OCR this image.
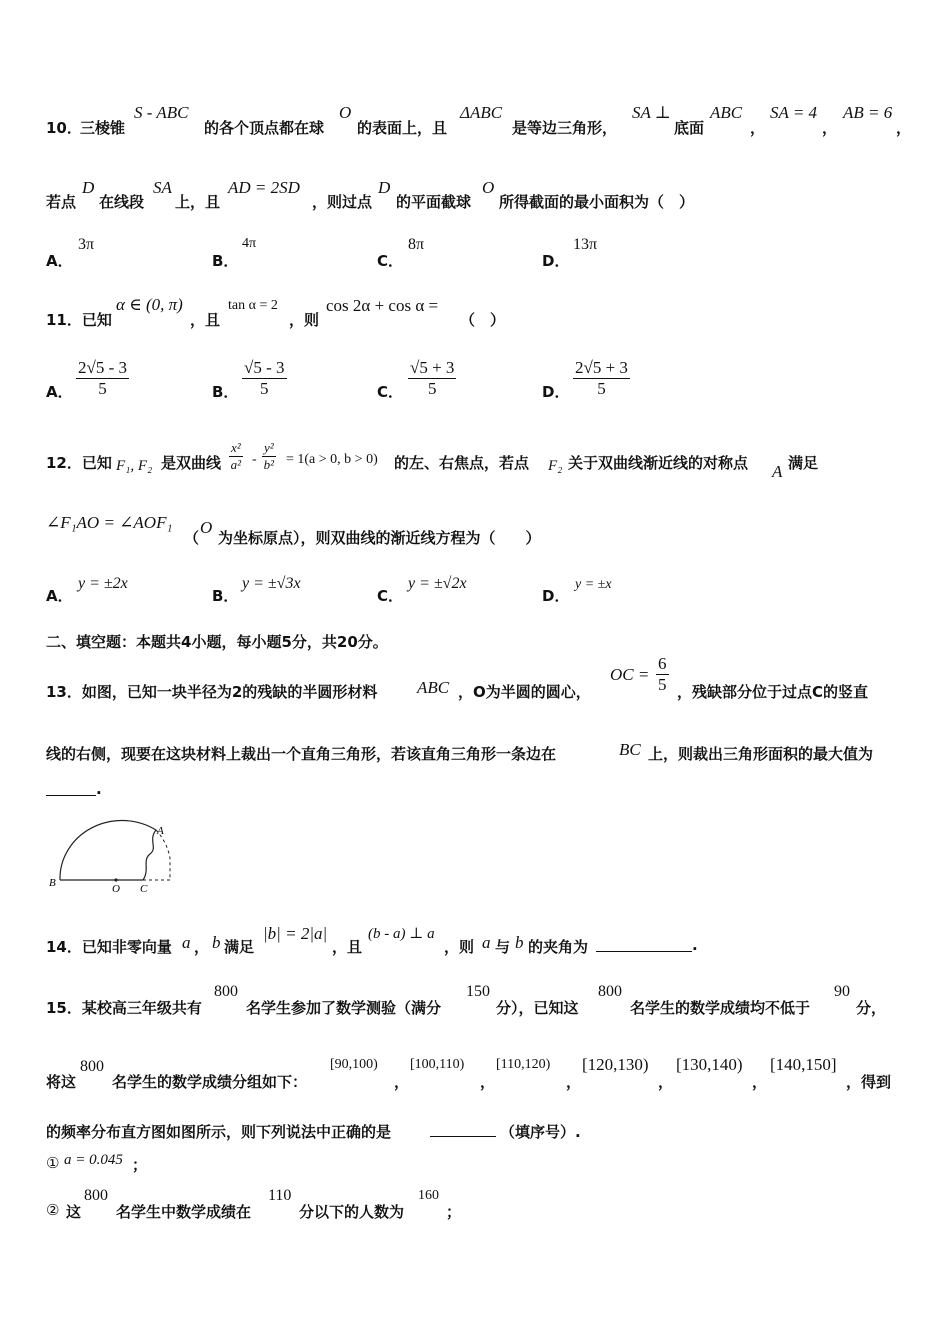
10．
三棱锥
S - ABC
的各个顶点都在球
O
的表面上，且
ΔABC
是等边三角形，
SA ⊥
底面
ABC
，
SA = 4
，
AB = 6
，
若点
D
在线段
SA
上，且
AD = 2SD
，则过点
D
的平面截球
O
所得截面的最小面积为（　）
A．
3π
B．
4π
C．
8π
D．
13π
11．已知
α ∈ (0, π)
，且
tan α = 2
，则
cos 2α + cos α =
（　）
A． $\frac{2√5 - 3}{5}$	B． $\frac{√5 - 3}{5}$	C． $\frac{√5 + 3}{5}$	D． $\frac{2√5 + 3}{5}$
12．已知 F₁, F₂ 是双曲线 $\frac{\text{x²}}{\text{a²}} - \frac{\text{y²}}{\text{b²}} = 1(a > 0$, b > 0) 的左、右焦点，若点 F₂ 关于双曲线渐近线的对称点 A 满足
∠F₁AO = ∠AOF₁
（
O
为坐标原点），则双曲线的渐近线方程为（　　）
A．
y = ±2x
B．
y = ±√3x
C．
y = ±√2x
D．
y = ±x
二、填空题：本题共4小题，每小题5分，共20分。
13．如图，已知一块半径为2的残缺的半圆形材料 ABC ，O为半圆的圆心，
OC = $\frac{6}{5}$ ，残缺部分位于过点C的竖直
线的右侧，现要在这块材料上裁出一个直角三角形，若该直角三角形一条边在	BC 上，则裁出三角形面积的最大值为
.
B	O C
A
14．已知非零向量 a ， b 满足
|b| = 2|a|
，且
(b - a) ⊥ a
，则 a 与 b 的夹角为	.
15．某校高三年级共有
800
名学生参加了数学测验（满分
150
分），已知这
800
名学生的数学成绩均不低于
90
分，
将这
800
名学生的数学成绩分组如下：
[90,100)
，
[100,110)
，
[110,120)
，
[120,130)
，
[130,140)
，
[140,150]
，得到
的频率分布直方图如图所示，则下列说法中正确的是	（填序号）.
① a = 0.045 ；
② 这
800
名学生中数学成绩在
110
分以下的人数为
160
；
